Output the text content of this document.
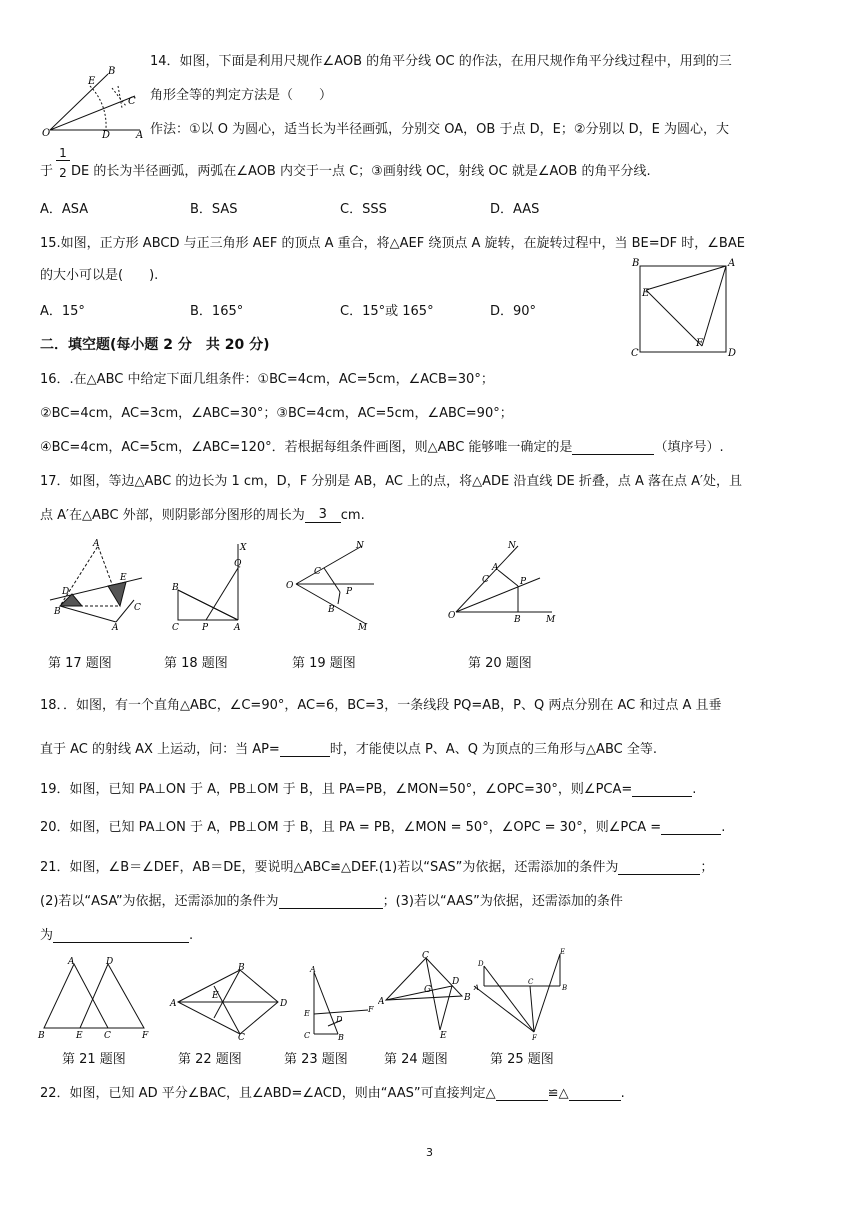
E
B
C
O	D	A
14．如图，下面是利用尺规作∠AOB 的角平分线 OC 的作法，在用尺规作角平分线过程中，用到的三
角形全等的判定方法是（　　）
作法：①以 O 为圆心，适当长为半径画弧，分别交 OA，OB 于点 D，E；②分别以 D，E 为圆心，大
于 DE 的长为半径画弧，两弧在∠AOB 内交于一点 C；③画射线 OC，射线 OC 就是∠AOB 的角平分线.
1
2
A．ASA	B．SAS	C．SSS	D．AAS
15.如图，正方形 ABCD 与正三角形 AEF 的顶点 A 重合，将△AEF 绕顶点 A 旋转，在旋转过程中，当 BE=DF 时，∠BAE
的大小可以是(　　).
A．15°	B．165°	C．15°或 165°	D．90°
B	A
E
C
F
D
二．填空题(每小题 2 分　共 20 分)
16．.在△ABC 中给定下面几组条件：①BC=4cm，AC=5cm，∠ACB=30°；
②BC=4cm，AC=3cm，∠ABC=30°；③BC=4cm，AC=5cm，∠ABC=90°；
④BC=4cm，AC=5cm，∠ABC=120°．若根据每组条件画图，则△ABC 能够唯一确定的是	（填序号）.
17．如图，等边△ABC 的边长为 1 cm，D，F 分别是 AB，AC 上的点，将△ADE 沿直线 DE 折叠，点 A 落在点 A′处，且
点 A′在△ABC 外部，则阴影部分图形的周长为 3 cm.
A
D
E
B	C
A
X
Q
B
C	P	A
N
C
O
P
B
M
N
A
C	P
O	B	M
第 17 题图	第 18 题图	第 19 题图	第 20 题图
18．．如图，有一个直角△ABC，∠C=90°，AC=6，BC=3，一条线段 PQ=AB，P、Q 两点分别在 AC 和过点 A 且垂
直于 AC 的射线 AX 上运动，问：当 AP=	时，才能使以点 P、A、Q 为顶点的三角形与△ABC 全等.
19．如图，已知 PA⊥ON 于 A，PB⊥OM 于 B，且 PA=PB，∠MON=50°，∠OPC=30°，则∠PCA=	.
20．如图，已知 PA⊥ON 于 A，PB⊥OM 于 B，且 PA = PB，∠MON = 50°，∠OPC = 30°，则∠PCA =	.
21．如图，∠B＝∠DEF，AB＝DE，要说明△ABC≌△DEF.(1)若以“SAS”为依据，还需添加的条件为	；
(2)若以“ASA”为依据，还需添加的条件为	；(3)若以“AAS”为依据，还需添加的条件
为	.
A	D
B	E C	F
B
A
E
D
C
A
F
E
D
C	B
C
D
G
A	B
E
E
D
C
A	B
F
第 21 题图	第 22 题图	第 23 题图	第 24 题图	第 25 题图
22．如图，已知 AD 平分∠BAC，且∠ABD=∠ACD，则由“AAS”可直接判定△	≌△	.
3
